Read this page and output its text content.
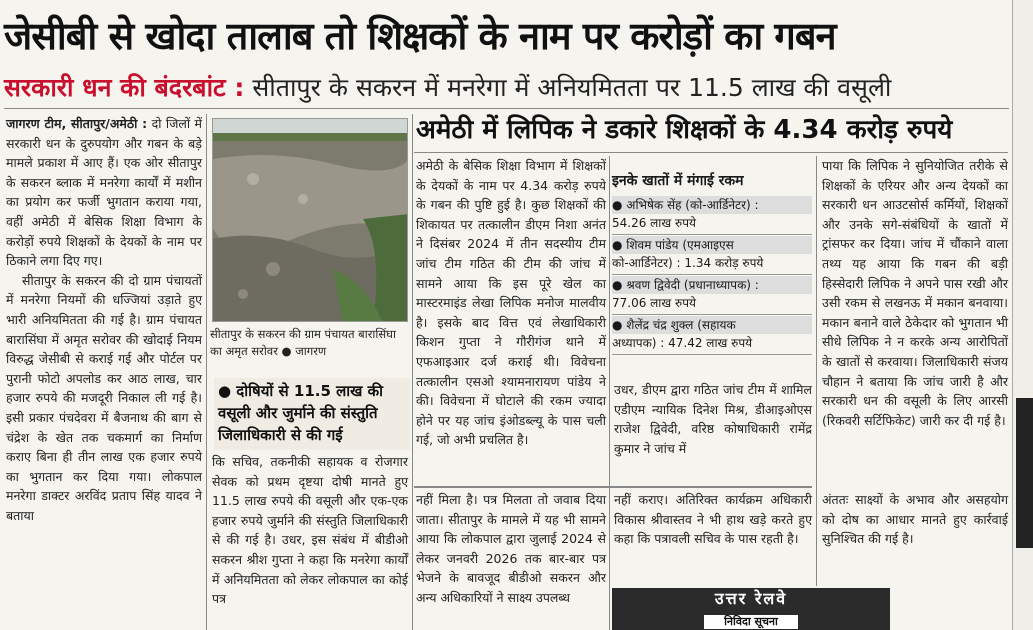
जेसीबी से खोदा तालाब तो शिक्षकों के नाम पर करोड़ों का गबन
सरकारी धन की बंदरबांट : सीतापुर के सकरन में मनरेगा में अनियमितता पर 11.5 लाख की वसूली
जागरण टीम, सीतापुर/अमेठी : दो जिलों में सरकारी धन के दुरुपयोग और गबन के बड़े मामले प्रकाश में आए हैं। एक ओर सीतापुर के सकरन ब्लाक में मनरेगा कार्यों में मशीन का प्रयोग कर फर्जी भुगतान कराया गया, वहीं अमेठी में बेसिक शिक्षा विभाग के करोड़ों रुपये शिक्षकों के देयकों के नाम पर ठिकाने लगा दिए गए।

सीतापुर के सकरन की दो ग्राम पंचायतों में मनरेगा नियमों की धज्जियां उड़ाते हुए भारी अनियमितता की गई है। ग्राम पंचायत बारासिंघा में अमृत सरोवर की खोदाई नियम विरुद्ध जेसीबी से कराई गई और पोर्टल पर पुरानी फोटो अपलोड कर आठ लाख, चार हजार रुपये की मजदूरी निकाल ली गई है। इसी प्रकार पंचदेवरा में बैजनाथ की बाग से चंद्रेश के खेत तक चकमार्ग का निर्माण कराए बिना ही तीन लाख एक हजार रुपये का भुगतान कर दिया गया। लोकपाल मनरेगा डाक्टर अरविंद प्रताप सिंह यादव ने बताया

सीतापुर के सकरन की ग्राम पंचायत बारासिंघा का अमृत सरोवर ● जागरण
● दोषियों से 11.5 लाख की वसूली और जुर्माने की संस्तुति जिलाधिकारी से की गई
कि सचिव, तकनीकी सहायक व रोजगार सेवक को प्रथम दृष्टया दोषी मानते हुए 11.5 लाख रुपये की वसूली और एक-एक हजार रुपये जुर्माने की संस्तुति जिलाधिकारी से की गई है। उधर, इस संबंध में बीडीओ सकरन श्रीश गुप्ता ने कहा कि मनरेगा कार्यों में अनियमितता को लेकर लोकपाल का कोई पत्र
अमेठी में लिपिक ने डकारे शिक्षकों के 4.34 करोड़ रुपये
अमेठी के बेसिक शिक्षा विभाग में शिक्षकों के देयकों के नाम पर 4.34 करोड़ रुपये के गबन की पुष्टि हुई है। कुछ शिक्षकों की शिकायत पर तत्कालीन डीएम निशा अनंत ने दिसंबर 2024 में तीन सदस्यीय टीम जांच टीम गठित की टीम की जांच में सामने आया कि इस पूरे खेल का मास्टरमाइंड लेखा लिपिक मनोज मालवीय है। इसके बाद वित्त एवं लेखाधिकारी किशन गुप्ता ने गौरीगंज थाने में एफआइआर दर्ज कराई थी। विवेचना तत्कालीन एसओ श्यामनारायण पांडेय ने की। विवेचना में घोटाले की रकम ज्यादा होने पर यह जांच इंओडब्ल्यू के पास चली गई, जो अभी प्रचलित है।
नहीं मिला है। पत्र मिलता तो जवाब दिया जाता। सीतापुर के मामले में यह भी सामने आया कि लोकपाल द्वारा जुलाई 2024 से लेकर जनवरी 2026 तक बार-बार पत्र भेजने के बावजूद बीडीओ सकरन और अन्य अधिकारियों ने साक्ष्य उपलब्ध
इनके खातों में मंगाई रकम
● अभिषेक सेंह (को-आर्डिनेटर) :
54.26 लाख रुपये
● शिवम पांडेय (एमआइएस
को-आर्डिनेटर) : 1.34 करोड़ रुपये
● श्रवण द्विवेदी (प्रधानाध्यापक) :
77.06 लाख रुपये
● शैलेंद्र चंद्र शुक्ल (सहायक
अध्यापक) : 47.42 लाख रुपये
उधर, डीएम द्वारा गठित जांच टीम में शामिल एडीएम न्यायिक दिनेश मिश्र, डीआइओएस राजेश द्विवेदी, वरिष्ठ कोषाधिकारी रामेंद्र कुमार ने जांच में
नहीं कराए। अतिरिक्त कार्यक्रम अधिकारी विकास श्रीवास्तव ने भी हाथ खड़े करते हुए कहा कि पत्रावली सचिव के पास रहती है।
पाया कि लिपिक ने सुनियोजित तरीके से शिक्षकों के एरियर और अन्य देयकों का सरकारी धन आउटसोर्स कर्मियों, शिक्षकों और उनके सगे-संबंधियों के खातों में ट्रांसफर कर दिया। जांच में चौंकाने वाला तथ्य यह आया कि गबन की बड़ी हिस्सेदारी लिपिक ने अपने पास रखी और उसी रकम से लखनऊ में मकान बनवाया। मकान बनाने वाले ठेकेदार को भुगतान भी सीधे लिपिक ने न करके अन्य आरोपितों के खातों से करवाया। जिलाधिकारी संजय चौहान ने बताया कि जांच जारी है और सरकारी धन की वसूली के लिए आरसी (रिकवरी सर्टिफिकेट) जारी कर दी गई है।
अंततः साक्ष्यों के अभाव और असहयोग को दोष का आधार मानते हुए कार्रवाई सुनिश्चित की गई है।
उत्तर रेलवे
निविदा सूचना
